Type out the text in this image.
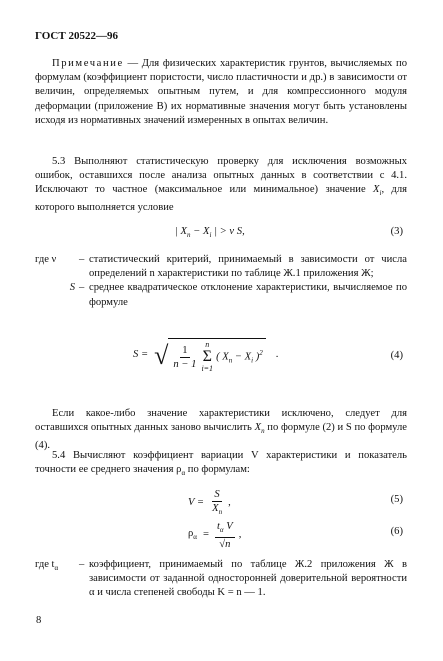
ГОСТ 20522—96
Примечание — Для физических характеристик грунтов, вычисляемых по формулам (коэффициент пористости, число пластичности и др.) в зависимости от величин, определяемых опытным путем, и для компрессионного модуля деформации (приложение В) их нормативные значения могут быть установлены исходя из нормативных значений измеренных в опытах величин.
5.3 Выполняют статистическую проверку для исключения возможных ошибок, оставшихся после анализа опытных данных в соответствии с 4.1. Исключают то частное (максимальное или минимальное) значение $X_i$, для которого выполняется условие
| $X_n - X_i$ | > ν S,	(3)
где ν	– статистический критерий, принимаемый в зависимости от числа определений n характеристики по таблице Ж.1 приложения Ж;
S – среднее квадратическое отклонение характеристики, вычисляемое по формуле
S = √ $\frac{1}{n - 1}$ n
Σ
i=1
( $X_n - X_i$ )$^2$ .	(4)
Если какое-либо значение характеристики исключено, следует для оставшихся опытных данных заново вычислить $X_n$ по формуле (2) и S по формуле (4).
5.4 Вычисляют коэффициент вариации V характеристики и показатель точности ее среднего значения $\rho_\alpha$ по формулам:
$V = \frac{S}{X_n}$ ,	(5)
$\rho_\alpha = \frac{t_\alpha V}{√n}$ ,	(6)
где $t_\alpha$	– коэффициент, принимаемый по таблице Ж.2 приложения Ж в зависимости от заданной односторонней доверительной вероятности α и числа степеней свободы K = n — 1.
8
